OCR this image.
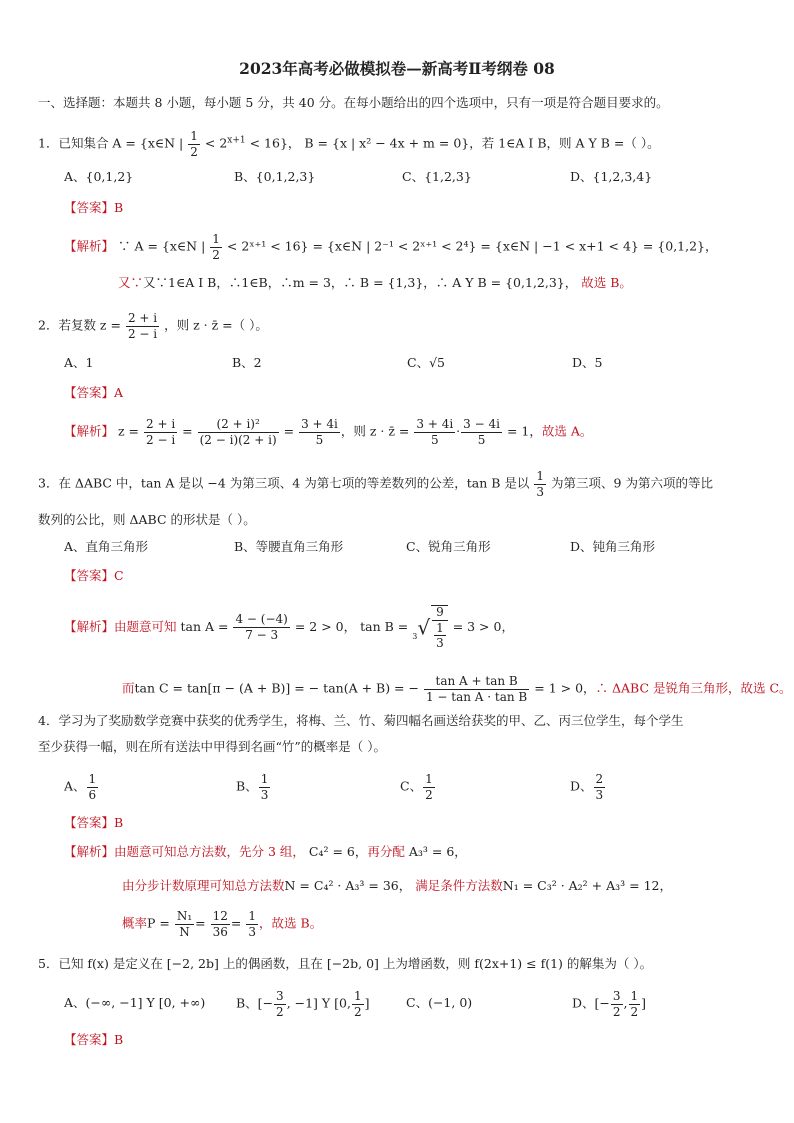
2023年高考必做模拟卷—新高考Ⅱ考纲卷 08
一、选择题：本题共 8 小题，每小题 5 分，共 40 分。在每小题给出的四个选项中，只有一项是符合题目要求的。
1．已知集合 A = {x∈N | $\frac{1}{2} < 2^{x+1} < 16$}， B = {x | x² − 4x + m = 0}，若 1∈A I B，则 A Y B =（ ）。
A、{0,1,2}	B、{0,1,2,3}	C、{1,2,3}	D、{1,2,3,4}
【答案】B
【解析】 ∵ A = {x∈N | $\frac{1}{2}$ < 2ˣ⁺¹ < 16} = {x∈N | 2⁻¹ < 2ˣ⁺¹ < 2⁴} = {x∈N | −1 < x+1 < 4} = {0,1,2}，
又∵又∵1∈A I B，∴1∈B，∴m = 3，∴ B = {1,3}，∴ A Y B = {0,1,2,3}， 故选 B。
2．若复数 $z = \frac{2 + i}{2 - i}$ ，则 z · z̄ =（ ）。
A、1	B、2	C、√5	D、5
【答案】A
【解析】 $z = \frac{2 + i}{2 - i} = \frac{\text{(2 + i)²}}{(2 - i)(2 + i)} = \frac{3 + 4i}{5}$ ，则 z · z̄ = $\frac{3 + 4i}{5} \cdot \frac{3 - 4i}{5} = 1$，故选 A。
3．在 ΔABC 中，tan A 是以 −4 为第三项、4 为第七项的等差数列的公差，tan B 是以 $\frac{1}{3}$ 为第三项、9 为第六项的等比
数列的公比，则 ΔABC 的形状是（ ）。
A、直角三角形	B、等腰直角三角形	C、锐角三角形	D、钝角三角形
【答案】C
【解析】由题意可知 $\tan A = \frac{4 - (-4)}{7 - 3} = 2 > 0$， $\tan B = ^3√ \frac{9}{\frac{1}{3}} = 3 > 0$，
而tan C = tan[π − (A + B)] = − tan(A + B) = − $\frac{\text{tan A + tan B}}{\text{1 − tan A · tan B}} = 1 > 0$，∴ ΔABC 是锐角三角形，故选 C。
4．学习为了奖励数学竞赛中获奖的优秀学生，将梅、兰、竹、菊四幅名画送给获奖的甲、乙、丙三位学生，每个学生
至少获得一幅，则在所有送法中甲得到名画“竹”的概率是（ ）。
A、 $\frac{1}{6}$	B、 $\frac{1}{3}$	C、 $\frac{1}{2}$	D、 $\frac{2}{3}$
【答案】B
【解析】由题意可知总方法数，先分 3 组， C₄² = 6，再分配 A₃³ = 6，
由分步计数原理可知总方法数N = C₄² · A₃³ = 36， 满足条件方法数N₁ = C₃² · A₂² + A₃³ = 12，
概率$P = \frac{\text{N₁}}{N} = \frac{12}{36} = \frac{1}{3}$ ，故选 B。
5．已知 f(x) 是定义在 [−2, 2b] 上的偶函数，且在 [−2b, 0] 上为增函数，则 f(2x+1) ≤ f(1) 的解集为（ ）。
A、(−∞, −1] Y [0, +∞) B、[− $\frac{3}{2}$ , −1] Y [0, $\frac{1}{2}$ ]	C、(−1, 0)	D、[− $\frac{3}{2}$ , $\frac{1}{2}$ ]
【答案】B
